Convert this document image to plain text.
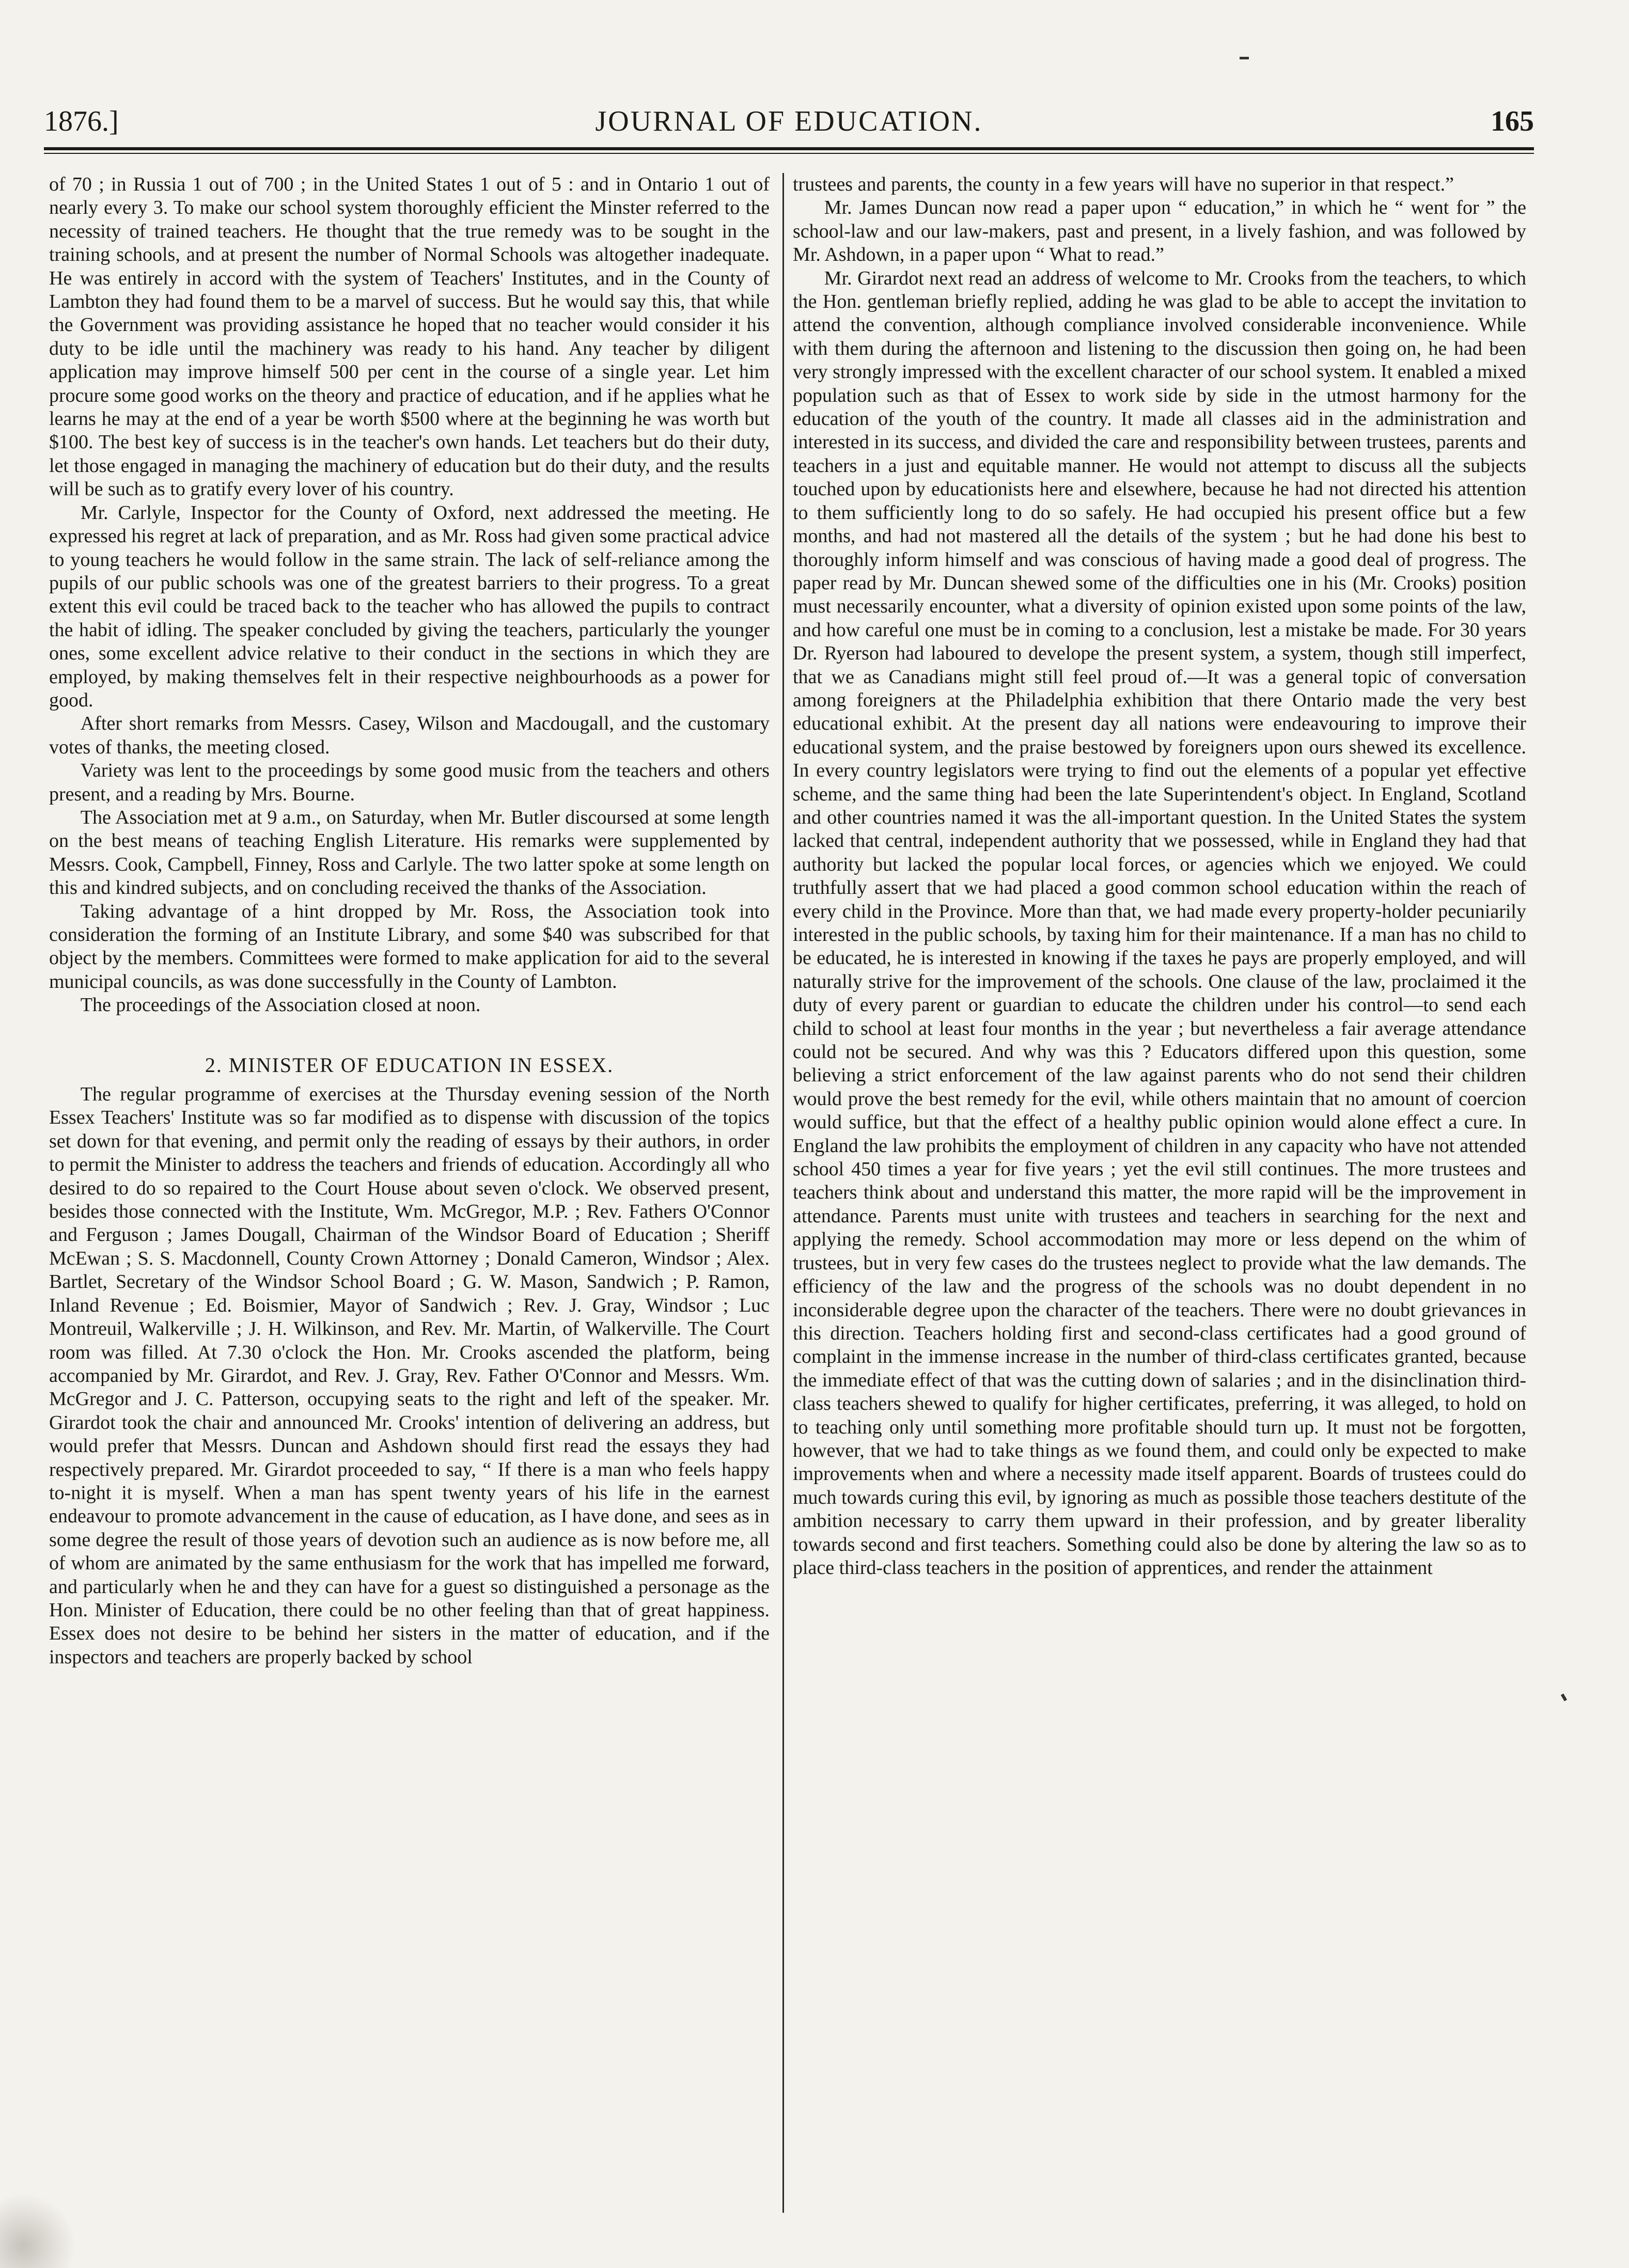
1876.]	JOURNAL OF EDUCATION.	165

of 70 ; in Russia 1 out of 700 ; in the United States 1 out of 5 : and in Ontario 1 out of nearly every 3. To make our school system thoroughly efficient the Minster referred to the necessity of trained teachers. He thought that the true remedy was to be sought in the training schools, and at present the number of Normal Schools was altogether inadequate. He was entirely in accord with the system of Teachers' Institutes, and in the County of Lambton they had found them to be a marvel of success. But he would say this, that while the Government was providing assistance he hoped that no teacher would consider it his duty to be idle until the machinery was ready to his hand. Any teacher by diligent application may improve himself 500 per cent in the course of a single year. Let him procure some good works on the theory and practice of education, and if he applies what he learns he may at the end of a year be worth $500 where at the beginning he was worth but $100. The best key of success is in the teacher's own hands. Let teachers but do their duty, let those engaged in managing the machinery of education but do their duty, and the results will be such as to gratify every lover of his country.

Mr. Carlyle, Inspector for the County of Oxford, next addressed the meeting. He expressed his regret at lack of preparation, and as Mr. Ross had given some practical advice to young teachers he would follow in the same strain. The lack of self-reliance among the pupils of our public schools was one of the greatest barriers to their progress. To a great extent this evil could be traced back to the teacher who has allowed the pupils to contract the habit of idling. The speaker concluded by giving the teachers, particularly the younger ones, some excellent advice relative to their conduct in the sections in which they are employed, by making themselves felt in their respective neighbourhoods as a power for good.

After short remarks from Messrs. Casey, Wilson and Macdougall, and the customary votes of thanks, the meeting closed.

Variety was lent to the proceedings by some good music from the teachers and others present, and a reading by Mrs. Bourne.

The Association met at 9 a.m., on Saturday, when Mr. Butler discoursed at some length on the best means of teaching English Literature. His remarks were supplemented by Messrs. Cook, Campbell, Finney, Ross and Carlyle. The two latter spoke at some length on this and kindred subjects, and on concluding received the thanks of the Association.

Taking advantage of a hint dropped by Mr. Ross, the Association took into consideration the forming of an Institute Library, and some $40 was subscribed for that object by the members. Committees were formed to make application for aid to the several municipal councils, as was done successfully in the County of Lambton.

The proceedings of the Association closed at noon.

2. MINISTER OF EDUCATION IN ESSEX.

The regular programme of exercises at the Thursday evening session of the North Essex Teachers' Institute was so far modified as to dispense with discussion of the topics set down for that evening, and permit only the reading of essays by their authors, in order to permit the Minister to address the teachers and friends of education. Accordingly all who desired to do so repaired to the Court House about seven o'clock. We observed present, besides those connected with the Institute, Wm. McGregor, M.P. ; Rev. Fathers O'Connor and Ferguson ; James Dougall, Chairman of the Windsor Board of Education ; Sheriff McEwan ; S. S. Macdonnell, County Crown Attorney ; Donald Cameron, Windsor ; Alex. Bartlet, Secretary of the Windsor School Board ; G. W. Mason, Sandwich ; P. Ramon, Inland Revenue ; Ed. Boismier, Mayor of Sandwich ; Rev. J. Gray, Windsor ; Luc Montreuil, Walkerville ; J. H. Wilkinson, and Rev. Mr. Martin, of Walkerville. The Court room was filled. At 7.30 o'clock the Hon. Mr. Crooks ascended the platform, being accompanied by Mr. Girardot, and Rev. J. Gray, Rev. Father O'Connor and Messrs. Wm. McGregor and J. C. Patterson, occupying seats to the right and left of the speaker. Mr. Girardot took the chair and announced Mr. Crooks' intention of delivering an address, but would prefer that Messrs. Duncan and Ashdown should first read the essays they had respectively prepared. Mr. Girardot proceeded to say, “ If there is a man who feels happy to-night it is myself. When a man has spent twenty years of his life in the earnest endeavour to promote advancement in the cause of education, as I have done, and sees as in some degree the result of those years of devotion such an audience as is now before me, all of whom are animated by the same enthusiasm for the work that has impelled me forward, and particularly when he and they can have for a guest so distinguished a personage as the Hon. Minister of Education, there could be no other feeling than that of great happiness. Essex does not desire to be behind her sisters in the matter of education, and if the inspectors and teachers are properly backed by school

trustees and parents, the county in a few years will have no superior in that respect.”

Mr. James Duncan now read a paper upon “ education,” in which he “ went for ” the school-law and our law-makers, past and present, in a lively fashion, and was followed by Mr. Ashdown, in a paper upon “ What to read.”

Mr. Girardot next read an address of welcome to Mr. Crooks from the teachers, to which the Hon. gentleman briefly replied, adding he was glad to be able to accept the invitation to attend the convention, although compliance involved considerable inconvenience. While with them during the afternoon and listening to the discussion then going on, he had been very strongly impressed with the excellent character of our school system. It enabled a mixed population such as that of Essex to work side by side in the utmost harmony for the education of the youth of the country. It made all classes aid in the administration and interested in its success, and divided the care and responsibility between trustees, parents and teachers in a just and equitable manner. He would not attempt to discuss all the subjects touched upon by educationists here and elsewhere, because he had not directed his attention to them sufficiently long to do so safely. He had occupied his present office but a few months, and had not mastered all the details of the system ; but he had done his best to thoroughly inform himself and was conscious of having made a good deal of progress. The paper read by Mr. Duncan shewed some of the difficulties one in his (Mr. Crooks) position must necessarily encounter, what a diversity of opinion existed upon some points of the law, and how careful one must be in coming to a conclusion, lest a mistake be made. For 30 years Dr. Ryerson had laboured to develope the present system, a system, though still imperfect, that we as Canadians might still feel proud of.—It was a general topic of conversation among foreigners at the Philadelphia exhibition that there Ontario made the very best educational exhibit. At the present day all nations were endeavouring to improve their educational system, and the praise bestowed by foreigners upon ours shewed its excellence. In every country legislators were trying to find out the elements of a popular yet effective scheme, and the same thing had been the late Superintendent's object. In England, Scotland and other countries named it was the all-important question. In the United States the system lacked that central, independent authority that we possessed, while in England they had that authority but lacked the popular local forces, or agencies which we enjoyed. We could truthfully assert that we had placed a good common school education within the reach of every child in the Province. More than that, we had made every property-holder pecuniarily interested in the public schools, by taxing him for their maintenance. If a man has no child to be educated, he is interested in knowing if the taxes he pays are properly employed, and will naturally strive for the improvement of the schools. One clause of the law, proclaimed it the duty of every parent or guardian to educate the children under his control—to send each child to school at least four months in the year ; but nevertheless a fair average attendance could not be secured. And why was this ? Educators differed upon this question, some believing a strict enforcement of the law against parents who do not send their children would prove the best remedy for the evil, while others maintain that no amount of coercion would suffice, but that the effect of a healthy public opinion would alone effect a cure. In England the law prohibits the employment of children in any capacity who have not attended school 450 times a year for five years ; yet the evil still continues. The more trustees and teachers think about and understand this matter, the more rapid will be the improvement in attendance. Parents must unite with trustees and teachers in searching for the next and applying the remedy. School accommodation may more or less depend on the whim of trustees, but in very few cases do the trustees neglect to provide what the law demands. The efficiency of the law and the progress of the schools was no doubt dependent in no inconsiderable degree upon the character of the teachers. There were no doubt grievances in this direction. Teachers holding first and second-class certificates had a good ground of complaint in the immense increase in the number of third-class certificates granted, because the immediate effect of that was the cutting down of salaries ; and in the disinclination third-class teachers shewed to qualify for higher certificates, preferring, it was alleged, to hold on to teaching only until something more profitable should turn up. It must not be forgotten, however, that we had to take things as we found them, and could only be expected to make improvements when and where a necessity made itself apparent. Boards of trustees could do much towards curing this evil, by ignoring as much as possible those teachers destitute of the ambition necessary to carry them upward in their profession, and by greater liberality towards second and first teachers. Something could also be done by altering the law so as to place third-class teachers in the position of apprentices, and render the attainment
